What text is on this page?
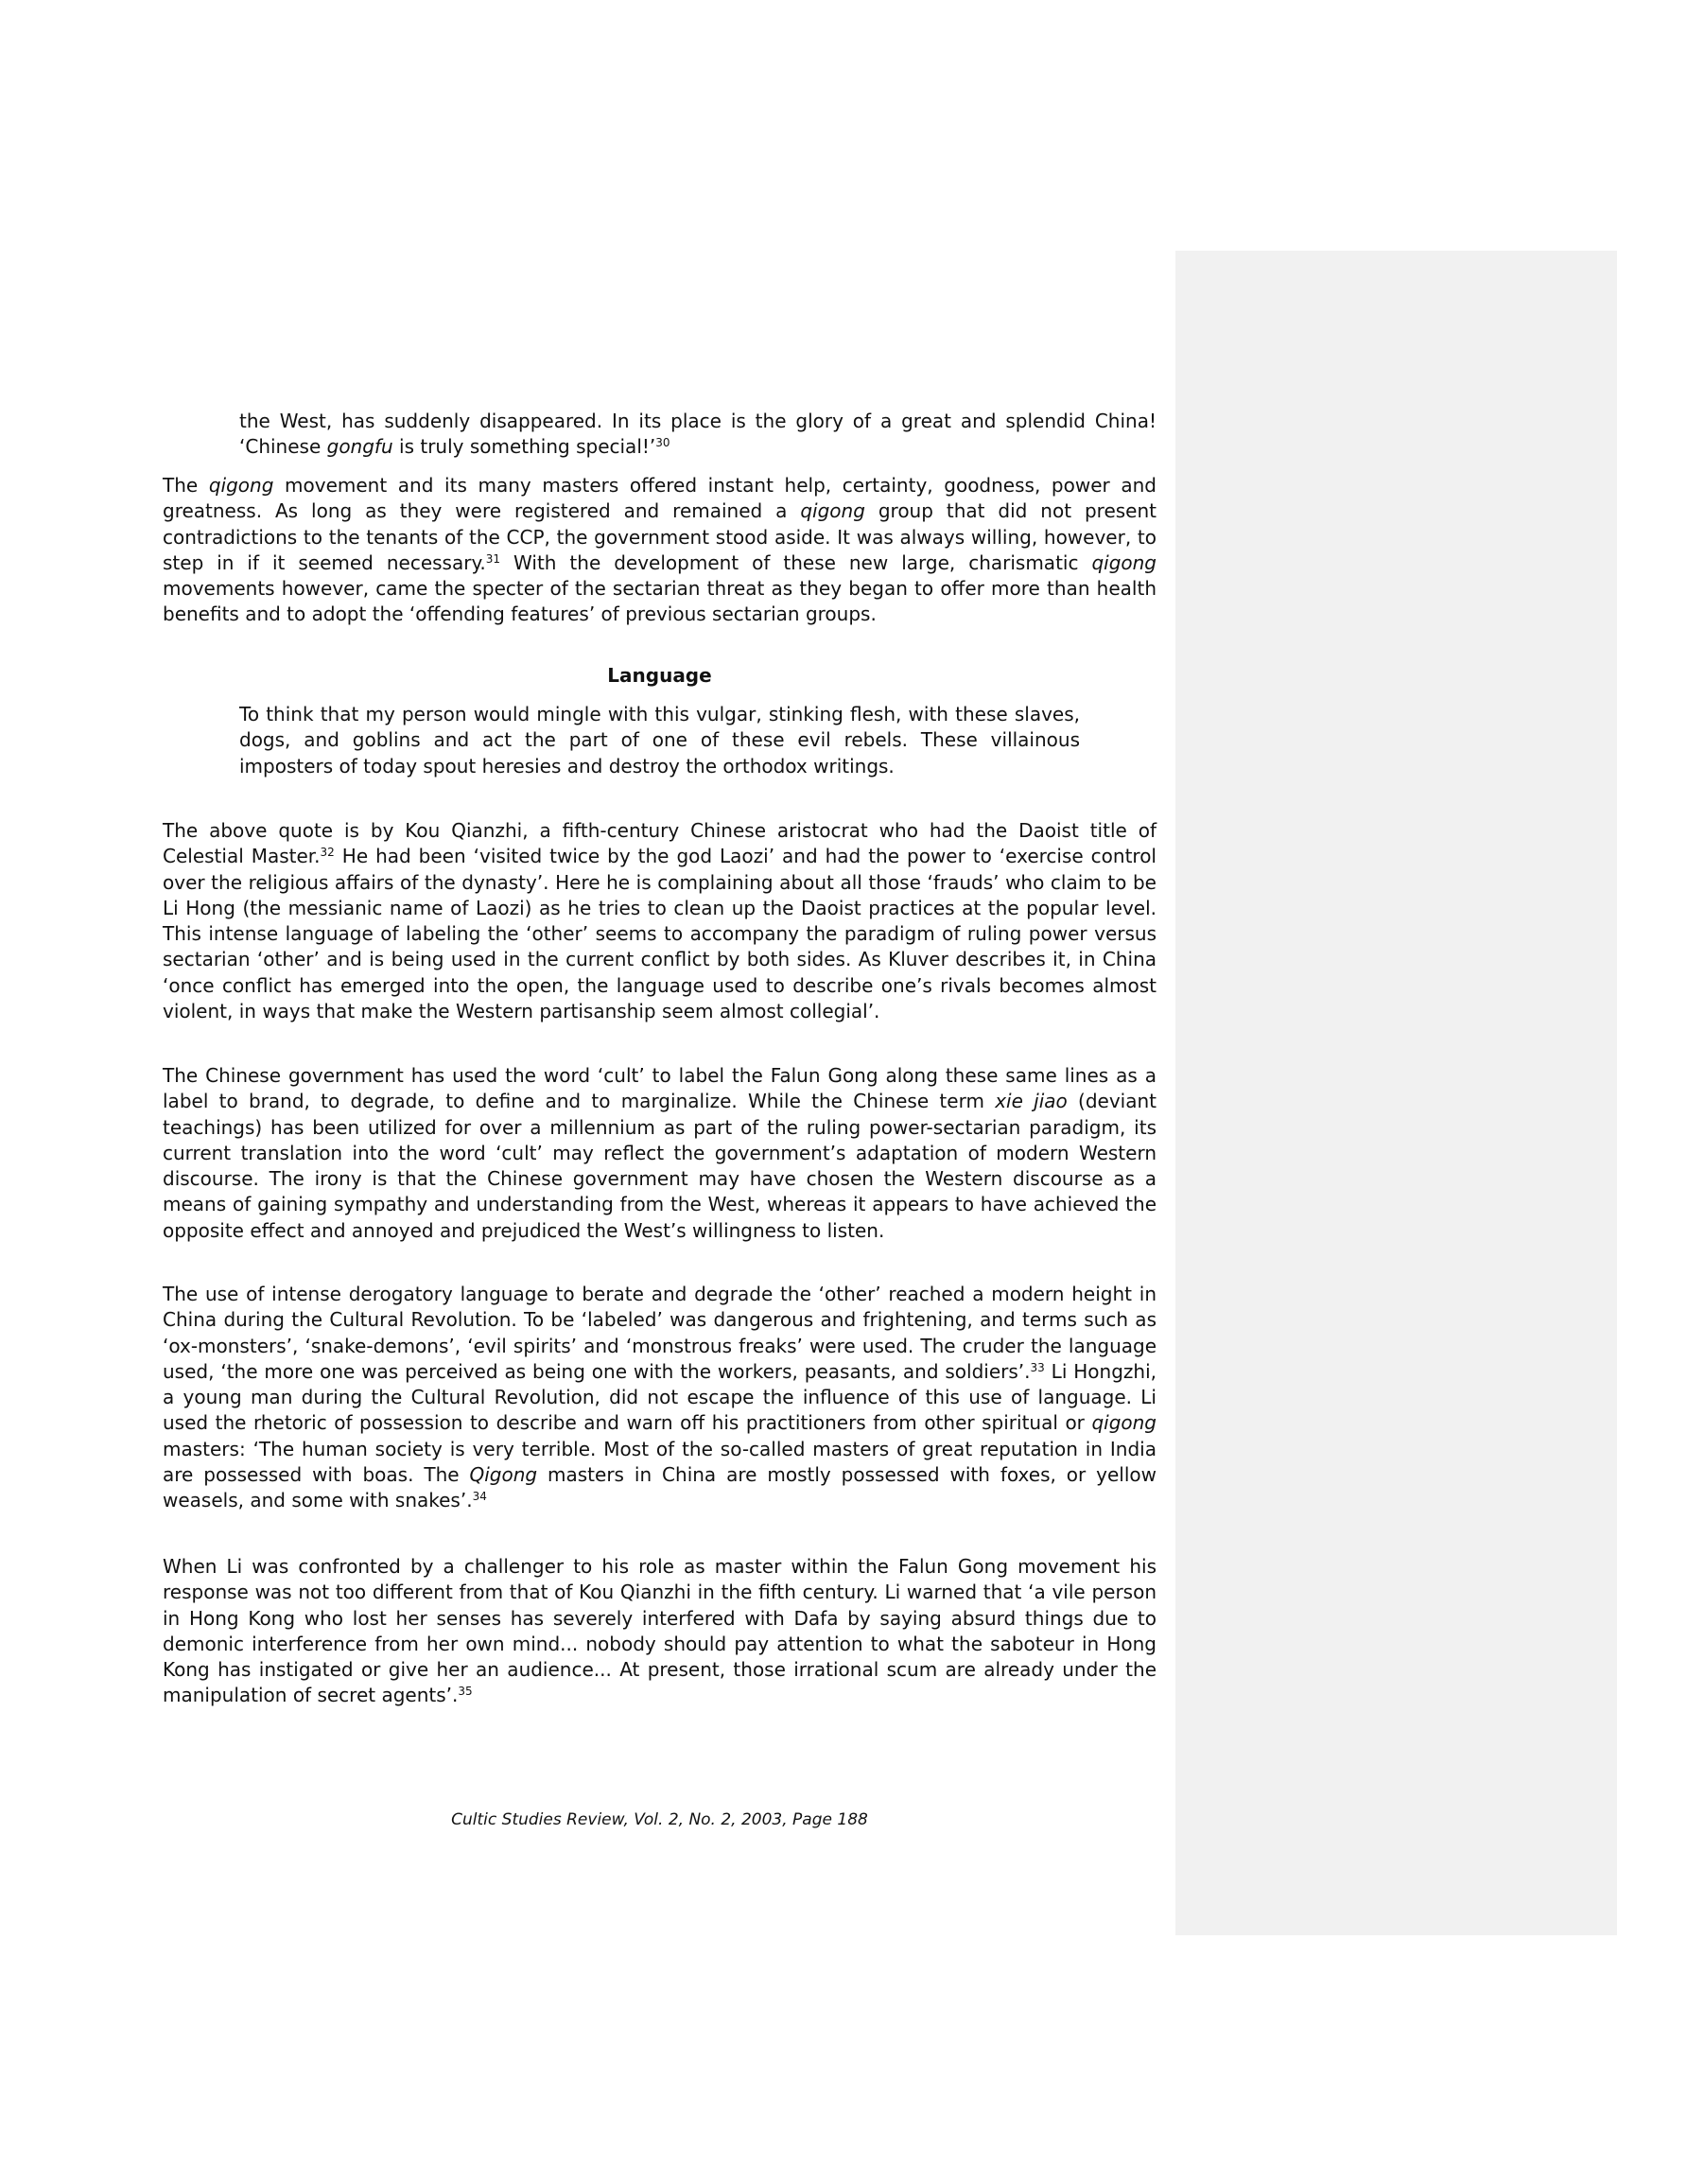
the West, has suddenly disappeared. In its place is the glory of a great and splendid China! ‘Chinese gongfu is truly something special!’$^{30}$

The qigong movement and its many masters offered instant help, certainty, goodness, power and greatness. As long as they were registered and remained a qigong group that did not present contradictions to the tenants of the CCP, the government stood aside. It was always willing, however, to step in if it seemed necessary.$^{31}$ With the development of these new large, charismatic qigong movements however, came the specter of the sectarian threat as they began to offer more than health benefits and to adopt the ‘offending features’ of previous sectarian groups.

Language

To think that my person would mingle with this vulgar, stinking flesh, with these slaves, dogs, and goblins and act the part of one of these evil rebels. These villainous imposters of today spout heresies and destroy the orthodox writings.

The above quote is by Kou Qianzhi, a fifth-century Chinese aristocrat who had the Daoist title of Celestial Master.$^{32}$ He had been ‘visited twice by the god Laozi’ and had the power to ‘exercise control over the religious affairs of the dynasty’. Here he is complaining about all those ‘frauds’ who claim to be Li Hong (the messianic name of Laozi) as he tries to clean up the Daoist practices at the popular level. This intense language of labeling the ‘other’ seems to accompany the paradigm of ruling power versus sectarian ‘other’ and is being used in the current conflict by both sides. As Kluver describes it, in China ‘once conflict has emerged into the open, the language used to describe one’s rivals becomes almost violent, in ways that make the Western partisanship seem almost collegial’.

The Chinese government has used the word ‘cult’ to label the Falun Gong along these same lines as a label to brand, to degrade, to define and to marginalize. While the Chinese term xie jiao (deviant teachings) has been utilized for over a millennium as part of the ruling power-sectarian paradigm, its current translation into the word ‘cult’ may reflect the government’s adaptation of modern Western discourse. The irony is that the Chinese government may have chosen the Western discourse as a means of gaining sympathy and understanding from the West, whereas it appears to have achieved the opposite effect and annoyed and prejudiced the West’s willingness to listen.

The use of intense derogatory language to berate and degrade the ‘other’ reached a modern height in China during the Cultural Revolution. To be ‘labeled’ was dangerous and frightening, and terms such as ‘ox-monsters’, ‘snake-demons’, ‘evil spirits’ and ‘monstrous freaks’ were used. The cruder the language used, ‘the more one was perceived as being one with the workers, peasants, and soldiers’.$^{33}$ Li Hongzhi, a young man during the Cultural Revolution, did not escape the influence of this use of language. Li used the rhetoric of possession to describe and warn off his practitioners from other spiritual or qigong masters: ‘The human society is very terrible. Most of the so-called masters of great reputation in India are possessed with boas. The Qigong masters in China are mostly possessed with foxes, or yellow weasels, and some with snakes’.$^{34}$

When Li was confronted by a challenger to his role as master within the Falun Gong movement his response was not too different from that of Kou Qianzhi in the fifth century. Li warned that ‘a vile person in Hong Kong who lost her senses has severely interfered with Dafa by saying absurd things due to demonic interference from her own mind... nobody should pay attention to what the saboteur in Hong Kong has instigated or give her an audience... At present, those irrational scum are already under the manipulation of secret agents’.$^{35}$

Cultic Studies Review, Vol. 2, No. 2, 2003, Page 188
